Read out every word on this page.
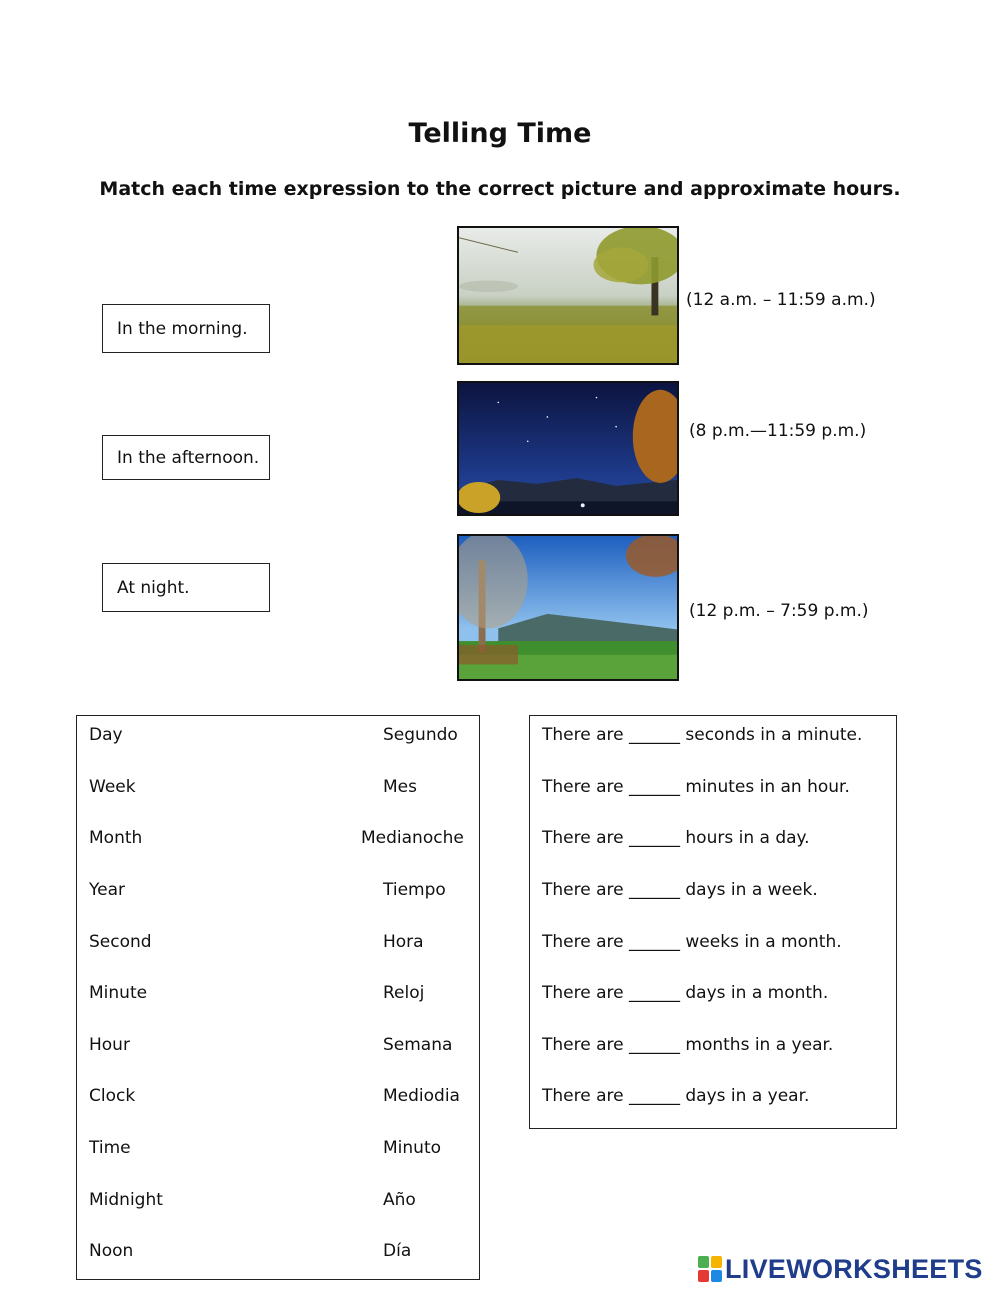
Telling Time
Match each time expression to the correct picture and approximate hours.
In the morning.
In the afternoon.
At night.
(12 a.m. – 11:59 a.m.)
(8 p.m.—11:59 p.m.)
(12 p.m. – 7:59 p.m.)
Day	Segundo
Week	Mes
Month	Medianoche
Year	Tiempo
Second	Hora
Minute	Reloj
Hour	Semana
Clock	Mediodia
Time	Minuto
Midnight	Año
Noon	Día
There are ______ seconds in a minute.
There are ______ minutes in an hour.
There are ______ hours in a day.
There are ______ days in a week.
There are ______ weeks in a month.
There are ______ days in a month.
There are ______ months in a year.
There are ______ days in a year.
LIVEWORKSHEETS
